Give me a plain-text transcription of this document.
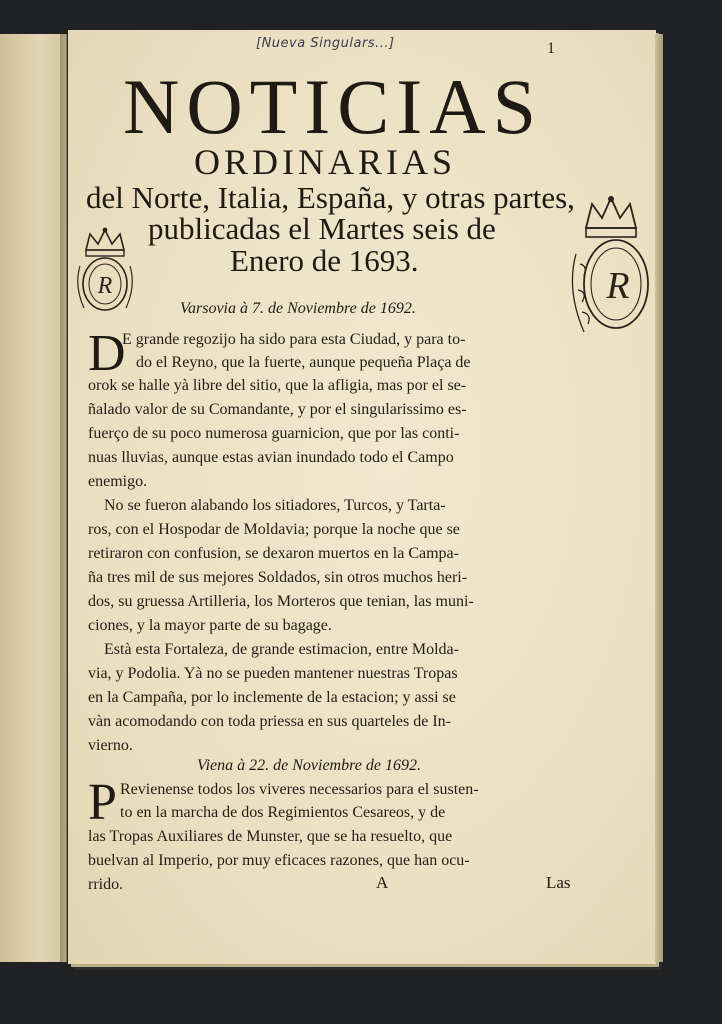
[Nueva Singulars...]	1
NOTICIAS
ORDINARIAS
del Norte, Italia, España, y otras partes,
publicadas el Martes seis de
Enero de 1693.
R	R
Varsovia à 7. de Noviembre de 1692.
D
E grande regozijo ha sido para esta Ciudad, y para to-
do el Reyno, que la fuerte, aunque pequeña Plaça de
orok se halle yà libre del sitio, que la afligia, mas por el se-
ñalado valor de su Comandante, y por el singularissimo es-
fuerço de su poco numerosa guarnicion, que por las conti-
nuas lluvias, aunque estas avian inundado todo el Campo
enemigo.
No se fueron alabando los sitiadores, Turcos, y Tarta-
ros, con el Hospodar de Moldavia; porque la noche que se
retiraron con confusion, se dexaron muertos en la Campa-
ña tres mil de sus mejores Soldados, sin otros muchos heri-
dos, su gruessa Artilleria, los Morteros que tenian, las muni-
ciones, y la mayor parte de su bagage.
Està esta Fortaleza, de grande estimacion, entre Molda-
via, y Podolia. Yà no se pueden mantener nuestras Tropas
en la Campaña, por lo inclemente de la estacion; y assi se
vàn acomodando con toda priessa en sus quarteles de In-
vierno.
Viena à 22. de Noviembre de 1692.
P Revienense todos los viveres necessarios para el susten-
to en la marcha de dos Regimientos Cesareos, y de
las Tropas Auxiliares de Munster, que se ha resuelto, que
buelvan al Imperio, por muy eficaces razones, que han ocu-
rrido.	A	Las
